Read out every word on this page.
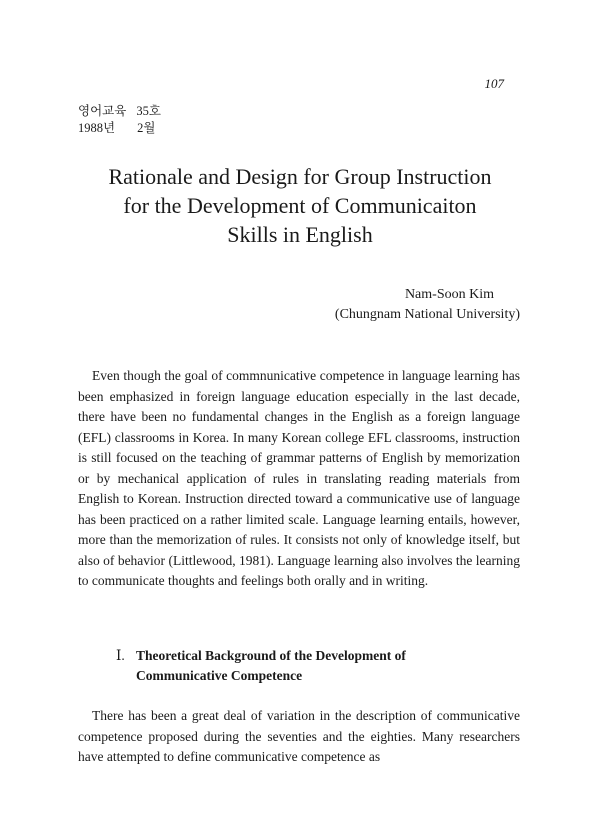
107
영어교육 35호
1988년 2월
Rationale and Design for Group Instruction
for the Development of Communicaiton
Skills in English
Nam-Soon Kim
(Chungnam National University)

Even though the goal of commnunicative competence in language learning has been emphasized in foreign language education especially in the last decade, there have been no fundamental changes in the English as a foreign language (EFL) classrooms in Korea. In many Korean college EFL classrooms, instruction is still focused on the teaching of grammar patterns of English by memorization or by mechanical application of rules in translating reading materials from English to Korean. Instruction directed toward a communicative use of language has been practiced on a rather limited scale. Language learning entails, however, more than the memorization of rules. It consists not only of knowledge itself, but also of behavior (Littlewood, 1981). Language learning also involves the learning to communicate thoughts and feelings both orally and in writing.

Ⅰ. Theoretical Background of the Development of
Communicative Competence

There has been a great deal of variation in the description of communicative competence proposed during the seventies and the eighties. Many researchers have attempted to define communicative competence as
